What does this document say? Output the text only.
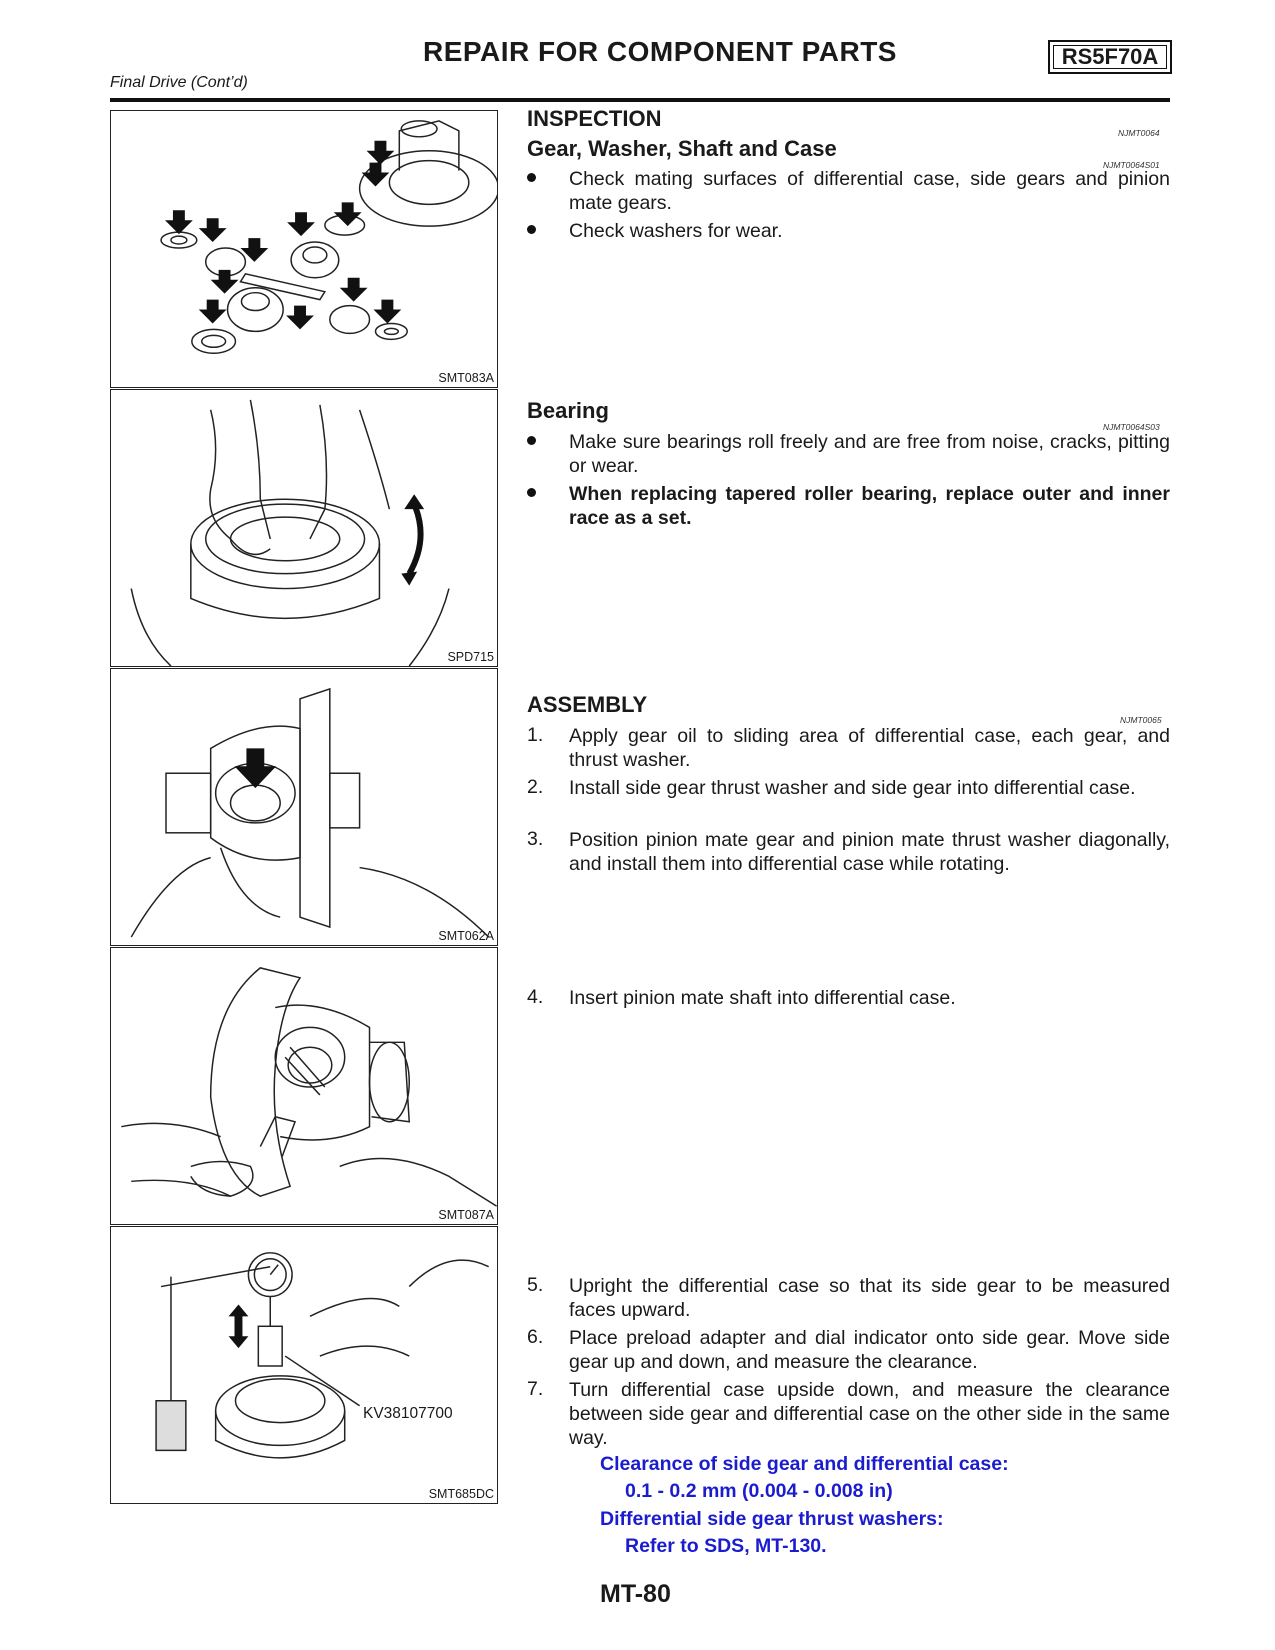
REPAIR FOR COMPONENT PARTS	RS5F70A
Final Drive (Cont’d)
SMT083A
SPD715
SMT062A
SMT087A
KV38107700
SMT685DC
INSPECTION
NJMT0064
Gear, Washer, Shaft and Case
NJMT0064S01
Check mating surfaces of differential case, side gears and pinion mate gears.
Check washers for wear.
Bearing
NJMT0064S03
Make sure bearings roll freely and are free from noise, cracks, pitting or wear.
When replacing tapered roller bearing, replace outer and inner race as a set.
ASSEMBLY
NJMT0065
1. Apply gear oil to sliding area of differential case, each gear, and thrust washer.
2. Install side gear thrust washer and side gear into differential case.
3. Position pinion mate gear and pinion mate thrust washer diagonally, and install them into differential case while rotating.
4. Insert pinion mate shaft into differential case.
5. Upright the differential case so that its side gear to be measured faces upward.
6. Place preload adapter and dial indicator onto side gear. Move side gear up and down, and measure the clearance.
7. Turn differential case upside down, and measure the clearance between side gear and differential case on the other side in the same way.
Clearance of side gear and differential case:
0.1 - 0.2 mm (0.004 - 0.008 in)
Differential side gear thrust washers:
Refer to SDS, MT-130.
MT-80
